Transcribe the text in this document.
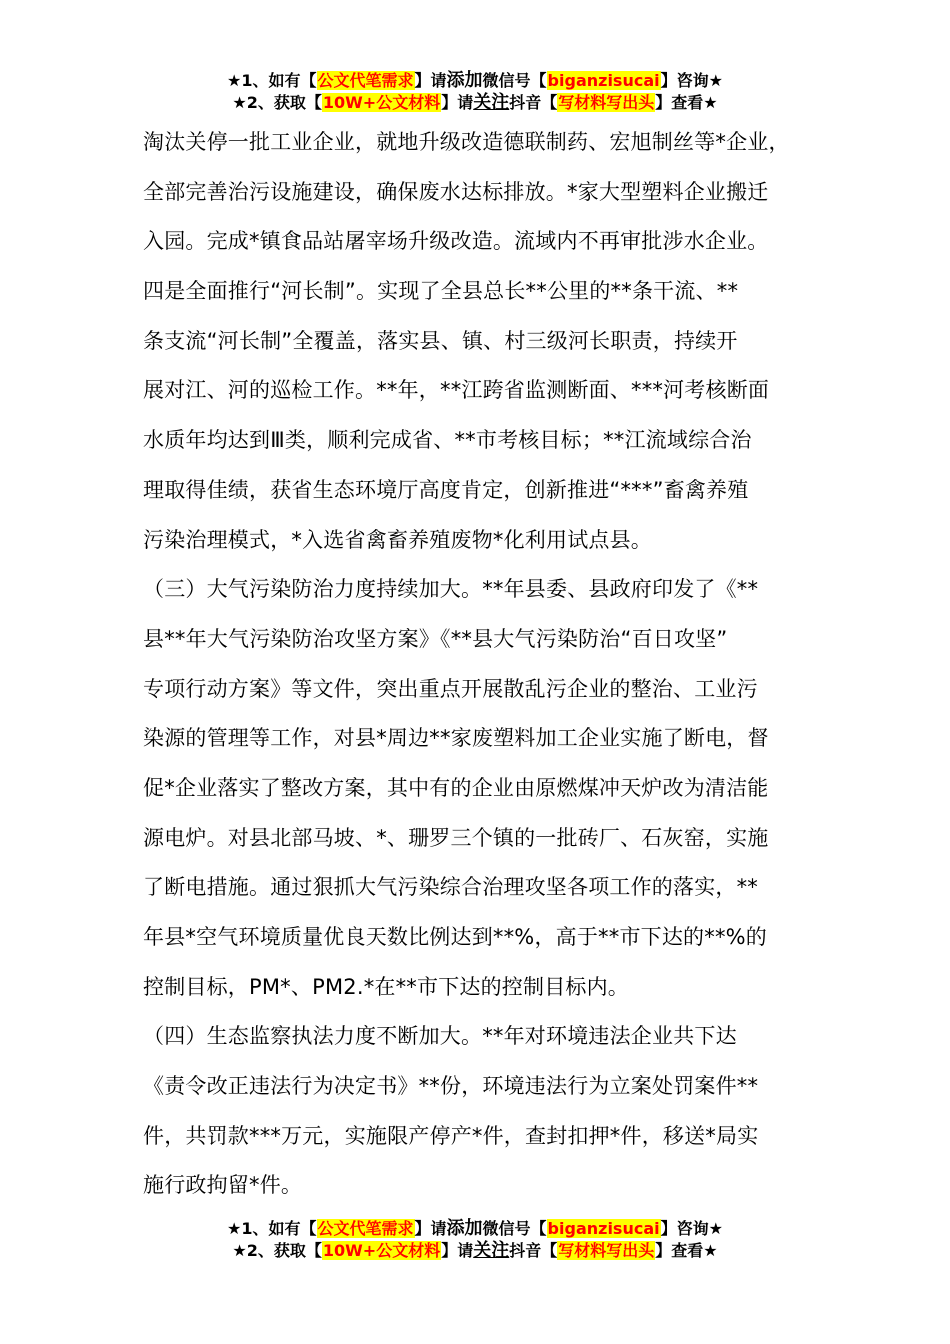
★1、如有【公文代笔需求】请添加微信号【biganzisucai】咨询★
★2、获取【10W+公文材料】请关注抖音【写材料写出头】查看★
淘汰关停一批工业企业，就地升级改造德联制药、宏旭制丝等*企业，
全部完善治污设施建设，确保废水达标排放。*家大型塑料企业搬迁
入园。完成*镇食品站屠宰场升级改造。流域内不再审批涉水企业。
四是全面推行“河长制”。实现了全县总长**公里的**条干流、**
条支流“河长制”全覆盖，落实县、镇、村三级河长职责，持续开
展对江、河的巡检工作。**年，**江跨省监测断面、***河考核断面
水质年均达到Ⅲ类，顺利完成省、**市考核目标；**江流域综合治
理取得佳绩，获省生态环境厅高度肯定，创新推进“***”畜禽养殖
污染治理模式，*入选省禽畜养殖废物*化利用试点县。
（三）大气污染防治力度持续加大。**年县委、县政府印发了《**
县**年大气污染防治攻坚方案》《**县大气污染防治“百日攻坚”
专项行动方案》等文件，突出重点开展散乱污企业的整治、工业污
染源的管理等工作，对县*周边**家废塑料加工企业实施了断电，督
促*企业落实了整改方案，其中有的企业由原燃煤冲天炉改为清洁能
源电炉。对县北部马坡、*、珊罗三个镇的一批砖厂、石灰窑，实施
了断电措施。通过狠抓大气污染综合治理攻坚各项工作的落实，**
年县*空气环境质量优良天数比例达到**%，高于**市下达的**%的
控制目标，PM*、PM2.*在**市下达的控制目标内。
（四）生态监察执法力度不断加大。**年对环境违法企业共下达
《责令改正违法行为决定书》**份，环境违法行为立案处罚案件**
件，共罚款***万元，实施限产停产*件，查封扣押*件，移送*局实
施行政拘留*件。
★1、如有【公文代笔需求】请添加微信号【biganzisucai】咨询★
★2、获取【10W+公文材料】请关注抖音【写材料写出头】查看★
